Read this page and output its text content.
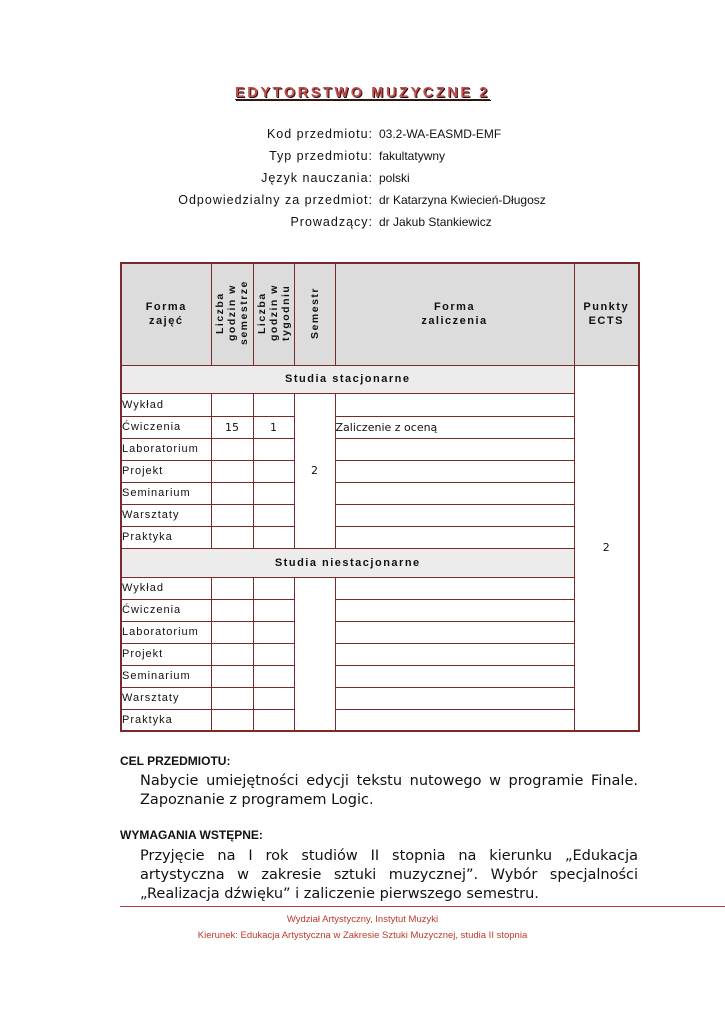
EDYTORSTWO MUZYCZNE 2
Kod przedmiotu: 03.2-WA-EASMD-EMF
Typ przedmiotu: fakultatywny
Język nauczania: polski
Odpowiedzialny za przedmiot: dr Katarzyna Kwiecień-Długosz
Prowadzący: dr Jakub Stankiewicz
Forma zajęć	Liczba godzin w semestrze	Liczba godzin w tygodniu	Semestr	Forma zaliczenia	Punkty ECTS
Studia stacjonarne					2
Wykład			2		
Ćwiczenia	15	1		Zaliczenie z oceną	
Laboratorium					
Projekt					
Seminarium					
Warsztaty					
Praktyka					
Studia niestacjonarne					
Wykład					
Ćwiczenia					
Laboratorium					
Projekt					
Seminarium					
Warsztaty					
Praktyka					
CEL PRZEDMIOTU:
Nabycie umiejętności edycji tekstu nutowego w programie Finale. Zapoznanie z programem Logic.
WYMAGANIA WSTĘPNE:
Przyjęcie na I rok studiów II stopnia na kierunku „Edukacja artystyczna w zakresie sztuki muzycznej”. Wybór specjalności „Realizacja dźwięku” i zaliczenie pierwszego semestru.
Wydział Artystyczny, Instytut Muzyki
Kierunek: Edukacja Artystyczna w Zakresie Sztuki Muzycznej, studia II stopnia
